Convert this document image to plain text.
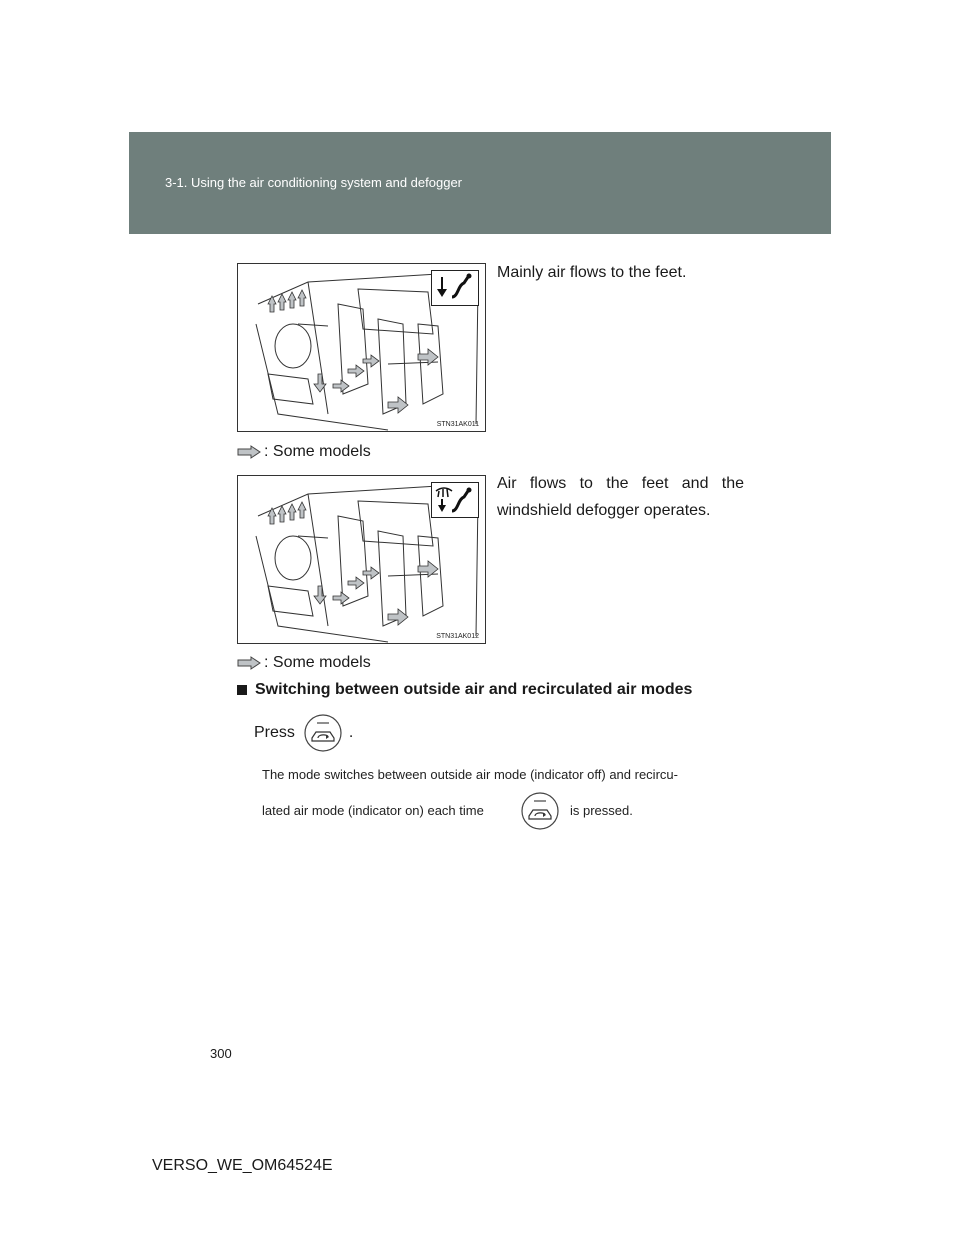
3-1. Using the air conditioning system and defogger
STN31AK011
Mainly air flows to the feet.
: Some models
STN31AK012
Air flows to the feet and the windshield defogger operates.
: Some models
Switching between outside air and recirculated air modes
Press	.
The mode switches between outside air mode (indicator off) and recircu-
lated air mode (indicator on) each time	is pressed.
300
VERSO_WE_OM64524E
